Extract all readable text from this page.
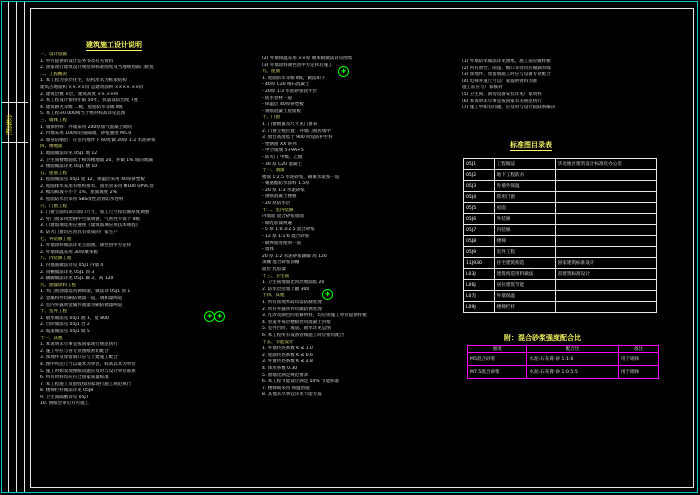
会签栏
建筑施工设计说明
一、设计依据
1. 甲方提供的设计任务书及有关资料
2. 国家现行建筑设计规范和标准图集及当地规划部门批复
二、工程概况
1. 本工程为多层住宅，结构形式为框架结构
建筑占地面积 ××.××㎡ 总建筑面积 ××××.××㎡
2. 建筑层数 ×层，建筑高度 ××.××m
3. 本工程设计使用年限 50年，抗震设防烈度 7度
4. 建筑耐火等级 二级，屋面防水等级 Ⅱ级
5. 本工程±0.000相当于绝对标高详见总图
三、墙体工程
1. 墙体材料：外墙采用 200厚加气混凝土砌块
2. 内墙采用 100厚轻质隔墙，砂浆强度 M5.0
3. 墙身防潮层：在室内地坪下 60处做 20厚 1:2 水泥砂浆
四、楼地面
1. 地面做法详见 05J1 地 12
2. 卫生间楼地面低于相邻楼地面 20，并做 1% 坡向地漏
3. 楼面做法详见 05J1 楼 10
五、屋面工程
1. 屋面做法见 05J1 屋 12，保温层采用 40厚挤塑板
2. 屋面排水采用有组织排水，雨水管采用 Φ100 UPVC管
3. 檐沟纵坡不小于 1%，屋面坡度 2%
4. 屋面防水层采用 SBS改性沥青防水卷材
六、门窗工程
1. 门窗立面均表示洞口尺寸，加工尺寸按装修厚度调整
2. 外门窗采用塑钢中空玻璃窗，气密性不低于 4级
3. 门窗玻璃选用应遵照《建筑玻璃应用技术规程》
4. 防火门窗均应由具有资质的厂家生产
七、外装修工程
1. 外墙涂料做法详见立面图，颜色由甲方定样
2. 外墙保温采用 30厚聚苯板
八、内装修工程
1. 内墙面做法详见 05J1 内墙 4
2. 顶棚做法详见 05J1 顶 3
3. 踢脚做法详见 05J1 踢 2，高 120
九、油漆涂料工程
1. 木门窗油漆选用调和漆，做法详 05J1 涂 1
2. 金属构件均刷防锈漆一道，调和漆两道
3. 室内外露明金属件油漆为刷防锈漆两道
十、室外工程
1. 散水做法见 05J1 散 1，宽 800
2. 台阶做法见 05J1 台 2
3. 坡道做法见 05J1 坡 5
十一、其他
1. 本说明未尽事宜按国家现行规范执行
2. 施工中应与各专业图纸密切配合
3. 预埋件及预留洞口应与土建施工配合
4. 图中所注尺寸以毫米为单位，标高以米为单位
5. 施工时如发现图纸问题应及时与设计单位联系
6. 所有材料均应符合国家质量标准
7. 本工程施工及验收按国家现行施工规范执行
8. 楼梯栏杆做法详见 05J8
9. 卫生间隔断详见 05J7
10. 图纸会审后方可施工
(2) 外墙保温采用 ××厚 聚苯板做法详见图集
(3) 外墙涂料颜色由甲方定样后施工
九、屋面
1. 屋面防水等级 Ⅱ级，做法如下
- 40厚 C20 细石混凝土
- 20厚 1:3 水泥砂浆找平层
- 防水卷材一道
- 保温层 40厚挤塑板
- 钢筋混凝土屋面板
十、门窗
1. 门窗数量及尺寸见门窗表
2. 门窗立樘位置：外墙门窗居墙中
3. 窗台高度低于 900 时设防护栏杆
- 塑钢窗 XX 系列
- 中空玻璃 5+9A+5
- 防火门 甲级、乙级
- 30 厚 C20 混凝土
十一、油漆
楼面 1:2.5 水泥砂浆，刷素水泥浆一道
- 聚氨酯防水涂料 1.5厚
- 20 厚 1:3 水泥砂浆
- 钢筋混凝土楼板
- 20 厚防水层
十二、室内装修
内墙面 混合砂浆墙面
- 刷乳胶漆两遍
- 5 厚 1:0.3:2.5 混合砂浆
- 12 厚 1:1:6 混合砂浆
- 刷界面处理剂一道
- 墙体
20 厚 1:2 水泥砂浆踢脚 高 120
顶棚 混合砂浆顶棚
面层 乳胶漆
十三、卫生间
1. 卫生间地面比同层地面低 20
2. 防水层沿墙上翻 300
十四、其他
1. 所有预埋木砖均需防腐处理
2. 所有外露铁件均做防锈处理
3. 凡涉及颜色的装修材料，均应由施工单位提供样板
4. 管道井每层楼板处用混凝土封堵
5. 室外台阶、坡道、散水详见总图
6. 本工程所有设备管线施工时应密切配合
十五、节能设计
1. 外墙传热系数 K ≤ 1.0
2. 屋面传热系数 K ≤ 0.6
3. 外窗传热系数 K ≤ 2.8
4. 体形系数 0.30
5. 窗墙比满足规范要求
6. 本工程节能设计满足 50% 节能标准
7. 楼梯间采用 保温措施
8. 其他未尽事宜详见节能专篇
✚
✚ ✚
✚
(1) 外墙防水做法详见图集，施工前应做样板
(2) 所有窗台、雨篷、檐口等处均应做滴水线
(3) 预埋件、预留洞施工时应与设备专业配合
(4) 电梯井道尺寸以厂家提供资料为准
施工前应与厂家核对
(5) 卫生间、厨房设备安装详见厂家资料
(6) 本说明未尽事宜按国家有关规范执行
(7) 施工中如有问题，应及时与设计院联系解决
标准图目录表
05J1	工程做法	华北地区建筑设计标准化办公室
05J2	地下工程防水	
05J3	外墙外保温	
05J4	常用门窗	
05J5	屋面	
05J6	外装修	
05J7	内装修	
05J8	楼梯	
05J9	室外工程	
11J930	住宅建筑构造	国家建筑标准设计
L03J	建筑构造用料做法	省建筑标准设计
L06J	居住建筑节能	
L07J	外墙保温	
L09J	楼梯栏杆	
附：混合砂浆强度配合比
强度	配合比	备注
M5混合砂浆	水泥:石灰膏:砂 1:1:6	用于砌体
M7.5混合砂浆	水泥:石灰膏:砂 1:0.5:5	用于砌体
